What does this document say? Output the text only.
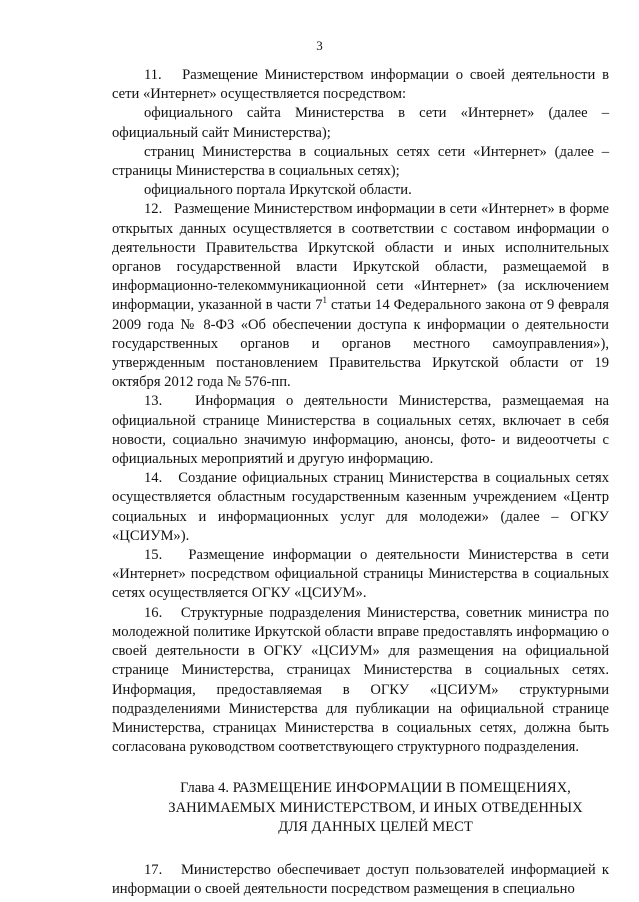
3

11.   Размещение Министерством информации о своей деятельности в сети «Интернет» осуществляется посредством:

официального сайта Министерства в сети «Интернет» (далее – официальный сайт Министерства);

страниц Министерства в социальных сетях сети «Интернет» (далее – страницы Министерства в социальных сетях);

официального портала Иркутской области.

12.   Размещение Министерством информации в сети «Интернет» в форме открытых данных осуществляется в соответствии с составом информации о деятельности Правительства Иркутской области и иных исполнительных органов государственной власти Иркутской области, размещаемой в информационно-телекоммуникационной сети «Интернет» (за исключением информации, указанной в части $7^1$ статьи 14 Федерального закона от 9 февраля 2009 года № 8-ФЗ «Об обеспечении доступа к информации о деятельности государственных органов и органов местного самоуправления»), утвержденным постановлением Правительства Иркутской области от 19 октября 2012 года № 576-пп.

13.   Информация о деятельности Министерства, размещаемая на официальной странице Министерства в социальных сетях, включает в себя новости, социально значимую информацию, анонсы, фото- и видеоотчеты с официальных мероприятий и другую информацию.

14.   Создание официальных страниц Министерства в социальных сетях осуществляется областным государственным казенным учреждением «Центр социальных и информационных услуг для молодежи» (далее – ОГКУ «ЦСИУМ»).

15.   Размещение информации о деятельности Министерства в сети «Интернет» посредством официальной страницы Министерства в социальных сетях осуществляется ОГКУ «ЦСИУМ».

16.   Структурные подразделения Министерства, советник министра по молодежной политике Иркутской области вправе предоставлять информацию о своей деятельности в ОГКУ «ЦСИУМ» для размещения на официальной странице Министерства, страницах Министерства в социальных сетях. Информация, предоставляемая в ОГКУ «ЦСИУМ» структурными подразделениями Министерства для публикации на официальной странице Министерства, страницах Министерства в социальных сетях, должна быть согласована руководством соответствующего структурного подразделения.

Глава 4. РАЗМЕЩЕНИЕ ИНФОРМАЦИИ В ПОМЕЩЕНИЯХ,
ЗАНИМАЕМЫХ МИНИСТЕРСТВОМ, И ИНЫХ ОТВЕДЕННЫХ
ДЛЯ ДАННЫХ ЦЕЛЕЙ МЕСТ

17.   Министерство обеспечивает доступ пользователей информацией к информации о своей деятельности посредством размещения в специально
